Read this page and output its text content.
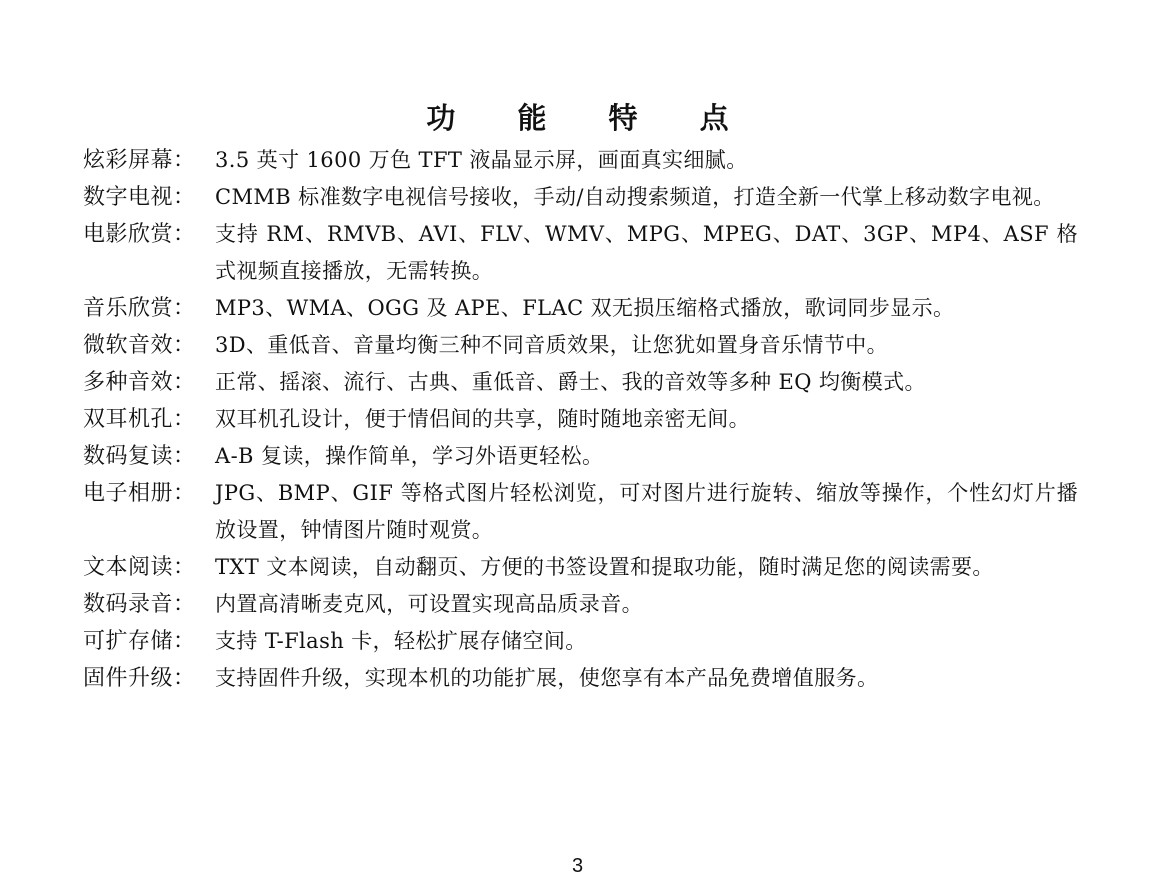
功 能 特 点
炫彩屏幕： 3.5 英寸 1600 万色 TFT 液晶显示屏，画面真实细腻。
数字电视： CMMB 标准数字电视信号接收，手动/自动搜索频道，打造全新一代掌上移动数字电视。
电影欣赏： 支持 RM、RMVB、AVI、FLV、WMV、MPG、MPEG、DAT、3GP、MP4、ASF 格式视频直接播放，无需转换。
音乐欣赏： MP3、WMA、OGG 及 APE、FLAC 双无损压缩格式播放，歌词同步显示。
微软音效： 3D、重低音、音量均衡三种不同音质效果，让您犹如置身音乐情节中。
多种音效： 正常、摇滚、流行、古典、重低音、爵士、我的音效等多种 EQ 均衡模式。
双耳机孔： 双耳机孔设计，便于情侣间的共享，随时随地亲密无间。
数码复读： A-B 复读，操作简单，学习外语更轻松。
电子相册： JPG、BMP、GIF 等格式图片轻松浏览，可对图片进行旋转、缩放等操作，个性幻灯片播放设置，钟情图片随时观赏。
文本阅读： TXT 文本阅读，自动翻页、方便的书签设置和提取功能，随时满足您的阅读需要。
数码录音： 内置高清晰麦克风，可设置实现高品质录音。
可扩存储： 支持 T-Flash 卡，轻松扩展存储空间。
固件升级： 支持固件升级，实现本机的功能扩展，使您享有本产品免费增值服务。
3
